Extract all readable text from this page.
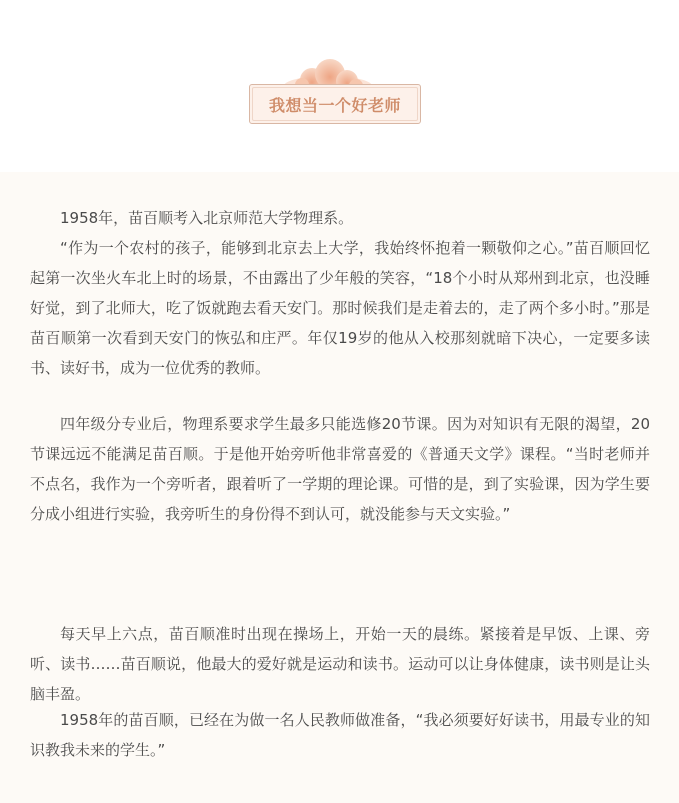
我想当一个好老师

1958年，苗百顺考入北京师范大学物理系。

“作为一个农村的孩子，能够到北京去上大学，我始终怀抱着一颗敬仰之心。”苗百顺回忆起第一次坐火车北上时的场景，不由露出了少年般的笑容，“18个小时从郑州到北京，也没睡好觉，到了北师大，吃了饭就跑去看天安门。那时候我们是走着去的，走了两个多小时。”那是苗百顺第一次看到天安门的恢弘和庄严。年仅19岁的他从入校那刻就暗下决心，一定要多读书、读好书，成为一位优秀的教师。

四年级分专业后，物理系要求学生最多只能选修20节课。因为对知识有无限的渴望，20节课远远不能满足苗百顺。于是他开始旁听他非常喜爱的《普通天文学》课程。“当时老师并不点名，我作为一个旁听者，跟着听了一学期的理论课。可惜的是，到了实验课，因为学生要分成小组进行实验，我旁听生的身份得不到认可，就没能参与天文实验。”

每天早上六点，苗百顺准时出现在操场上，开始一天的晨练。紧接着是早饭、上课、旁听、读书……苗百顺说，他最大的爱好就是运动和读书。运动可以让身体健康，读书则是让头脑丰盈。

1958年的苗百顺，已经在为做一名人民教师做准备，“我必须要好好读书，用最专业的知识教我未来的学生。”
